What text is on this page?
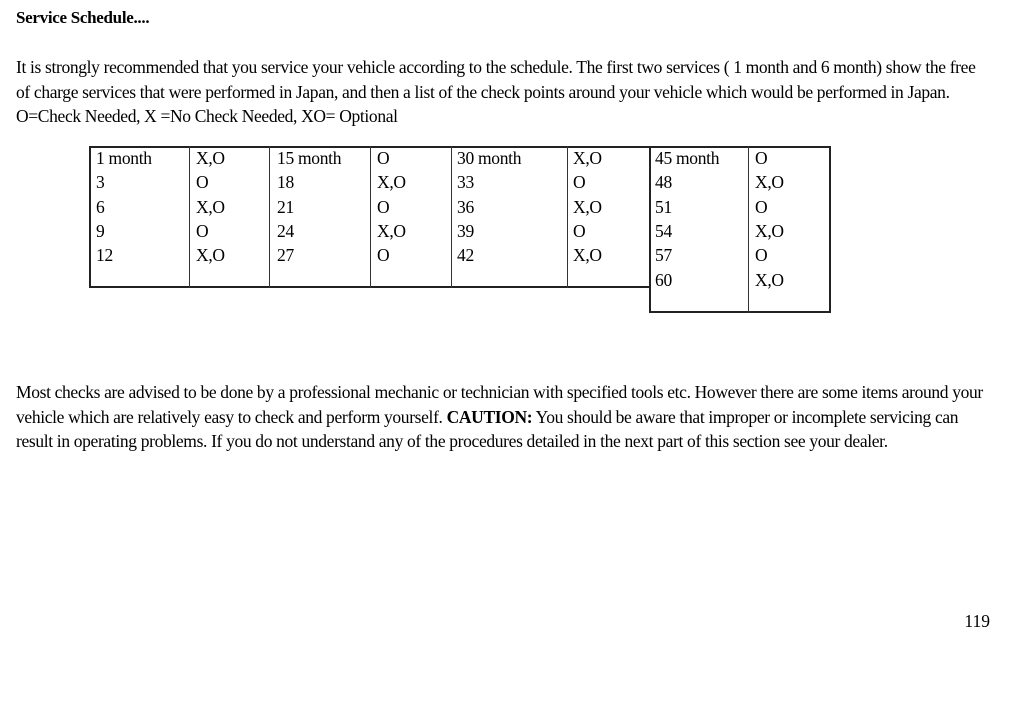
Service Schedule....
It is strongly recommended that you service your vehicle according to the schedule. The first two services ( 1 month and 6 month) show the free of charge services that were performed in Japan, and then a list of the check points around your vehicle which would be performed in Japan. O=Check Needed, X =No Check Needed, XO= Optional
1 month
3
6
9
12
X,O
O
X,O
O
X,O
15 month
18
21
24
27
O
X,O
O
X,O
O
30 month
33
36
39
42
X,O
O
X,O
O
X,O
45 month
48
51
54
57
60
O
X,O
O
X,O
O
X,O
Most checks are advised to be done by a professional mechanic or technician with specified tools etc. However there are some items around your vehicle which are relatively easy to check and perform yourself. CAUTION: You should be aware that improper or incomplete servicing can result in operating problems. If you do not understand any of the procedures detailed in the next part of this section see your dealer.
119
